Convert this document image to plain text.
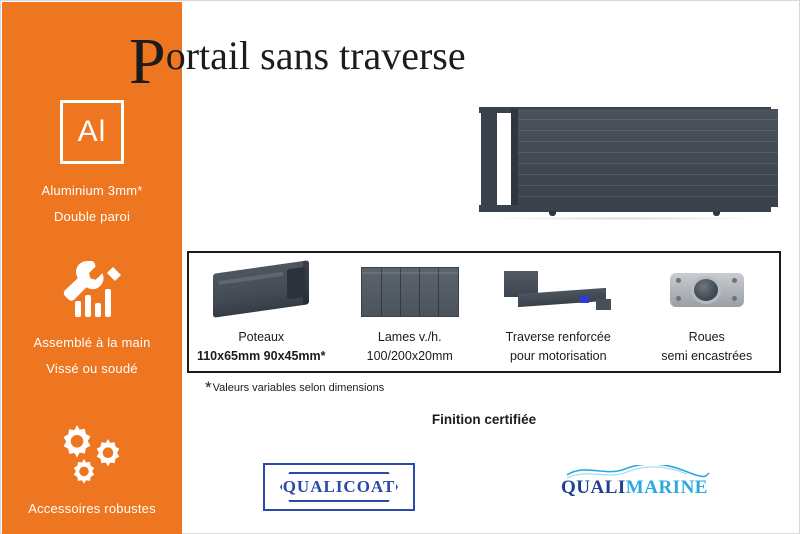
Al
Aluminium 3mm*
Double paroi
Assemblé à la main
Vissé ou soudé
Accessoires robustes
Portail sans traverse
Poteaux
110x65mm 90x45mm*
Lames v./h.
100/200x20mm
Traverse renforcée
pour motorisation
Roues
semi encastrées
*Valeurs variables selon dimensions
Finition certifiée
QUALICOAT	QUALIMARINE
